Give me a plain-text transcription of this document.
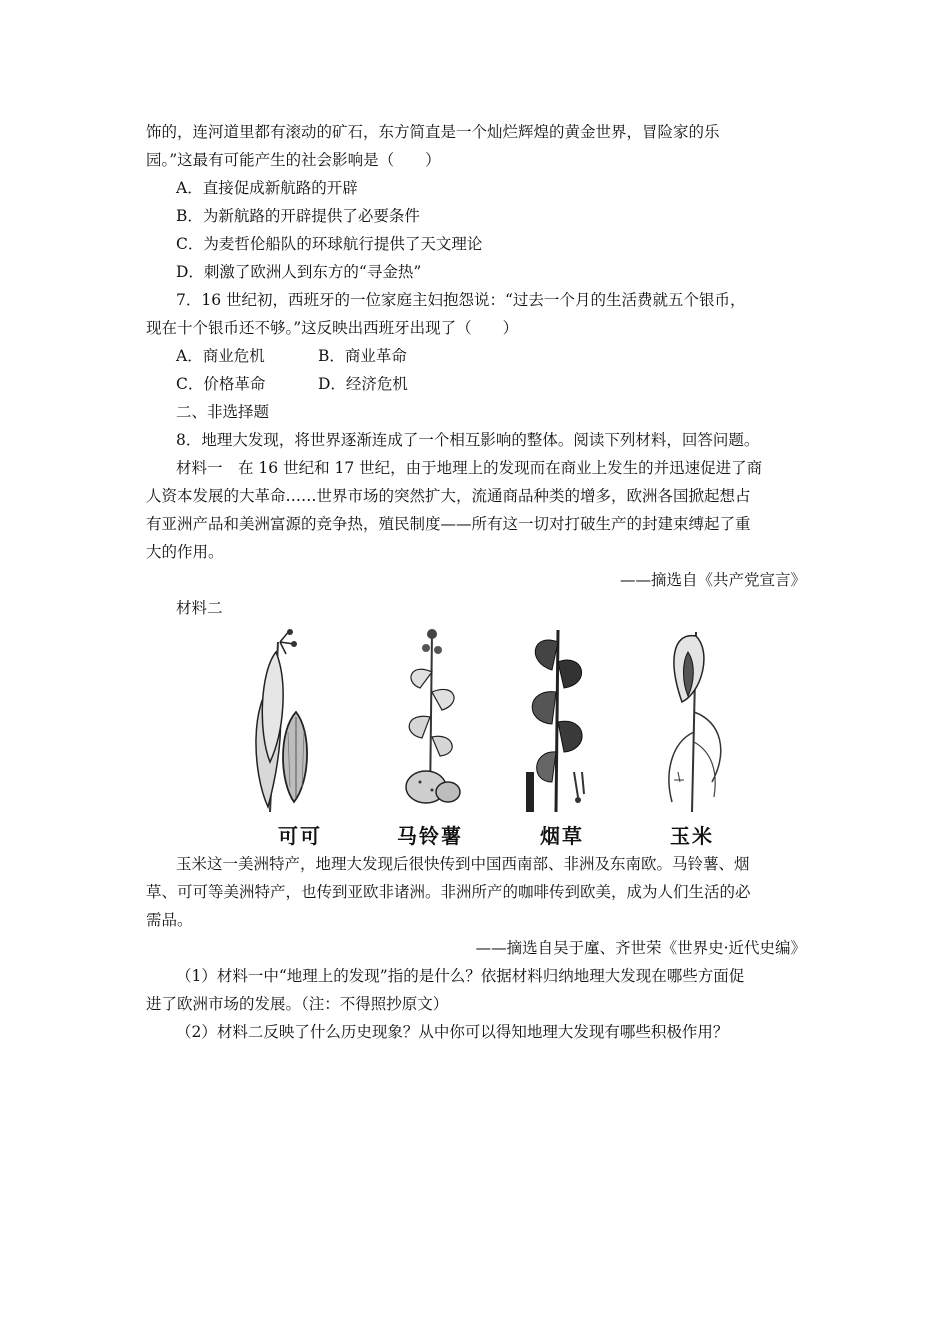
饰的，连河道里都有滚动的矿石，东方简直是一个灿烂辉煌的黄金世界，冒险家的乐
园。”这最有可能产生的社会影响是（　　）
A．直接促成新航路的开辟
B．为新航路的开辟提供了必要条件
C．为麦哲伦船队的环球航行提供了天文理论
D．刺激了欧洲人到东方的“寻金热”
7．16 世纪初，西班牙的一位家庭主妇抱怨说：“过去一个月的生活费就五个银币，
现在十个银币还不够。”这反映出西班牙出现了（　　）
A．商业危机	B．商业革命
C．价格革命	D．经济危机
二、非选择题
8．地理大发现，将世界逐渐连成了一个相互影响的整体。阅读下列材料，回答问题。
材料一　在 16 世纪和 17 世纪，由于地理上的发现而在商业上发生的并迅速促进了商
人资本发展的大革命……世界市场的突然扩大，流通商品种类的增多，欧洲各国掀起想占
有亚洲产品和美洲富源的竞争热，殖民制度——所有这一切对打破生产的封建束缚起了重
大的作用。
——摘选自《共产党宣言》
材料二
可可	马铃薯	烟草	玉米
玉米这一美洲特产，地理大发现后很快传到中国西南部、非洲及东南欧。马铃薯、烟
草、可可等美洲特产，也传到亚欧非诸洲。非洲所产的咖啡传到欧美，成为人们生活的必
需品。
——摘选自吴于廑、齐世荣《世界史·近代史编》
（1）材料一中“地理上的发现”指的是什么？依据材料归纳地理大发现在哪些方面促
进了欧洲市场的发展。（注：不得照抄原文）
（2）材料二反映了什么历史现象？从中你可以得知地理大发现有哪些积极作用？
